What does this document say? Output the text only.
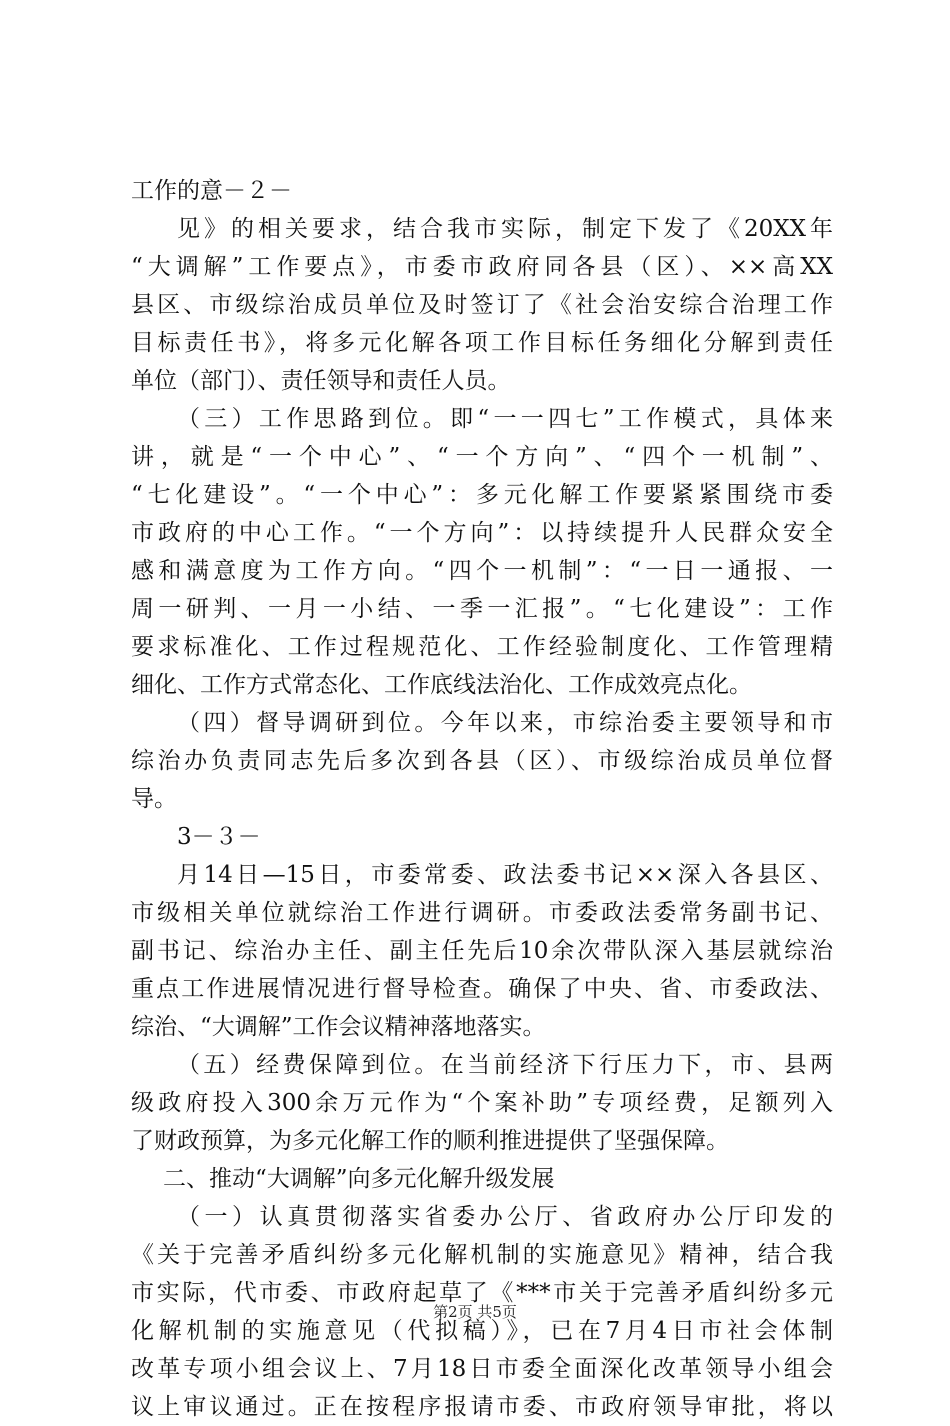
工作的意－２－
见》的相关要求，结合我市实际，制定下发了《20XX年
“大调解”工作要点》，市委市政府同各县（区）、××高XX
县区、市级综治成员单位及时签订了《社会治安综合治理工作
目标责任书》，将多元化解各项工作目标任务细化分解到责任
单位（部门）、责任领导和责任人员。
（三）工作思路到位。即“一一四七”工作模式，具体来
讲，就是“一个中心”、“一个方向”、“四个一机制”、
“七化建设”。“一个中心”：多元化解工作要紧紧围绕市委
市政府的中心工作。“一个方向”：以持续提升人民群众安全
感和满意度为工作方向。“四个一机制”：“一日一通报、一
周一研判、一月一小结、一季一汇报”。“七化建设”：工作
要求标准化、工作过程规范化、工作经验制度化、工作管理精
细化、工作方式常态化、工作底线法治化、工作成效亮点化。
（四）督导调研到位。今年以来，市综治委主要领导和市
综治办负责同志先后多次到各县（区）、市级综治成员单位督
导。
3－３－
月14日—15日，市委常委、政法委书记××深入各县区、
市级相关单位就综治工作进行调研。市委政法委常务副书记、
副书记、综治办主任、副主任先后10余次带队深入基层就综治
重点工作进展情况进行督导检查。确保了中央、省、市委政法、
综治、“大调解”工作会议精神落地落实。
（五）经费保障到位。在当前经济下行压力下，市、县两
级政府投入300余万元作为“个案补助”专项经费，足额列入
了财政预算，为多元化解工作的顺利推进提供了坚强保障。
二、推动“大调解”向多元化解升级发展
（一）认真贯彻落实省委办公厅、省政府办公厅印发的
《关于完善矛盾纠纷多元化解机制的实施意见》精神，结合我
市实际，代市委、市政府起草了《***市关于完善矛盾纠纷多元
化解机制的实施意见（代拟稿）》，已在7月4日市社会体制
改革专项小组会议上、7月18日市委全面深化改革领导小组会
议上审议通过。正在按程序报请市委、市政府领导审批，将以
第2页 共5页
